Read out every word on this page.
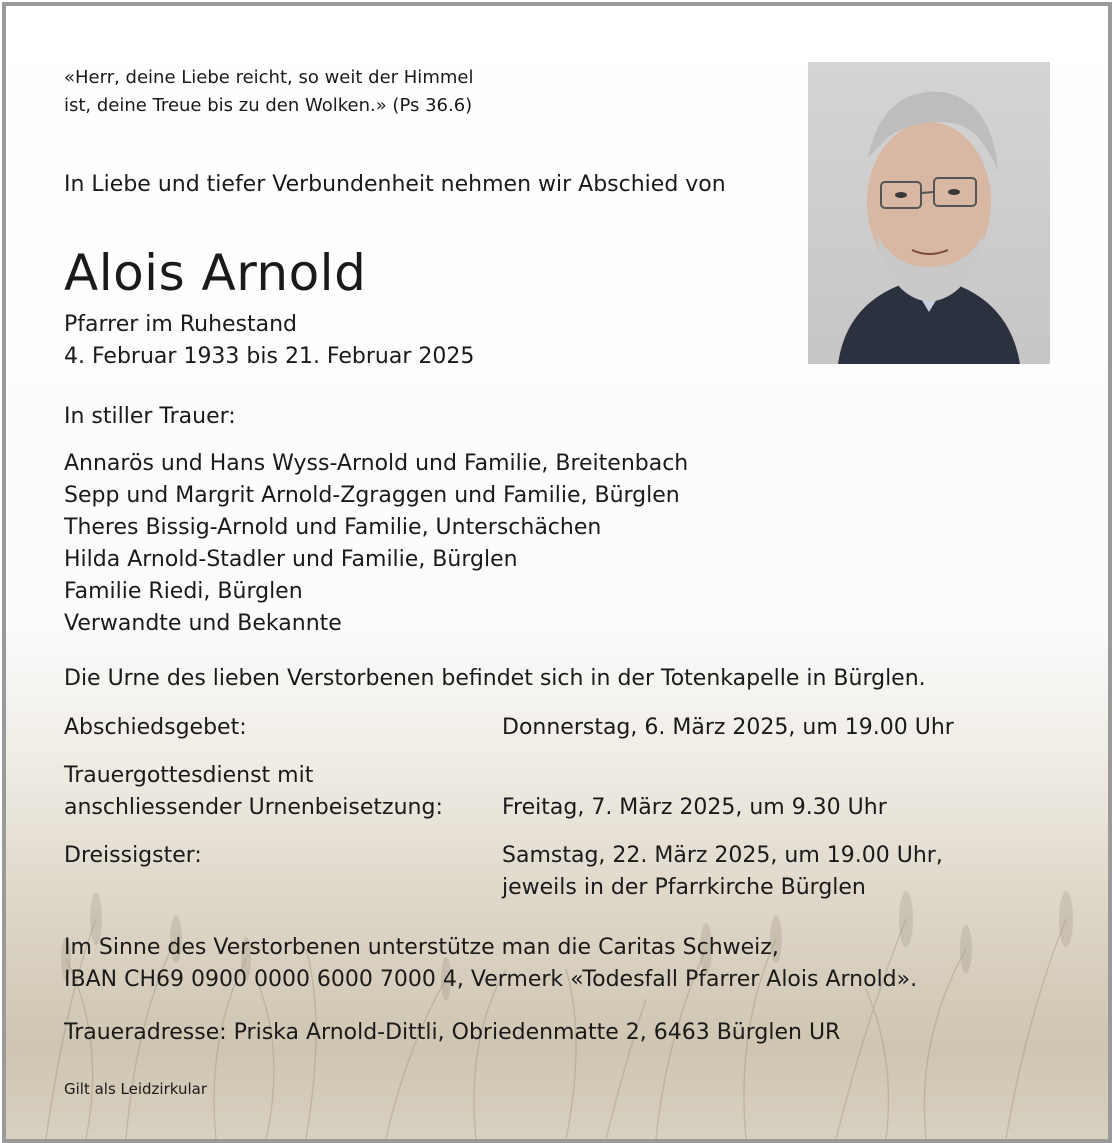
«Herr, deine Liebe reicht, so weit der Himmel
ist, deine Treue bis zu den Wolken.» (Ps 36.6)
In Liebe und tiefer Verbundenheit nehmen wir Abschied von
Alois Arnold
Pfarrer im Ruhestand
4. Februar 1933 bis 21. Februar 2025
In stiller Trauer:
Annarös und Hans Wyss-Arnold und Familie, Breitenbach
Sepp und Margrit Arnold-Zgraggen und Familie, Bürglen
Theres Bissig-Arnold und Familie, Unterschächen
Hilda Arnold-Stadler und Familie, Bürglen
Familie Riedi, Bürglen
Verwandte und Bekannte
Die Urne des lieben Verstorbenen befindet sich in der Totenkapelle in Bürglen.
Abschiedsgebet:	Donnerstag, 6. März 2025, um 19.00 Uhr
Trauergottesdienst mit
anschliessender Urnenbeisetzung:	Freitag, 7. März 2025, um 9.30 Uhr
Dreissigster:	Samstag, 22. März 2025, um 19.00 Uhr,
jeweils in der Pfarrkirche Bürglen
Im Sinne des Verstorbenen unterstütze man die Caritas Schweiz,
IBAN CH69 0900 0000 6000 7000 4, Vermerk «Todesfall Pfarrer Alois Arnold».
Traueradresse: Priska Arnold-Dittli, Obriedenmatte 2, 6463 Bürglen UR
Gilt als Leidzirkular
